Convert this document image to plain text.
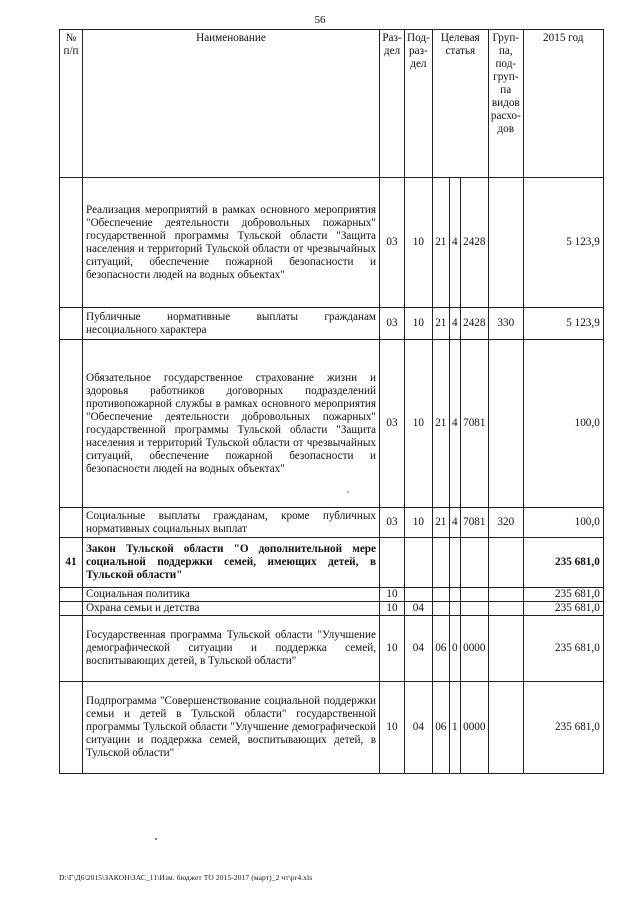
56
№ п/п	Наименование	Раз-дел	Под-раз-дел	Целевая статья			Груп-па, под-груп-па видов расхо-дов	2015 год
	Реализация мероприятий в рамках основного мероприятия "Обеспечение деятельности добровольных пожарных" государственной программы Тульской области "Защита населения и территорий Тульской области от чрезвычайных ситуаций, обеспечение пожарной безопасности и безопасности людей на водных объектах"	03	10	21	4	2428		5 123,9
	Публичные нормативные выплаты гражданам несоциального характера	03	10	21	4	2428	330	5 123,9
	Обязательное государственное страхование жизни и здоровья работников договорных подразделений противопожарной службы в рамках основного мероприятия "Обеспечение деятельности добровольных пожарных" государственной программы Тульской области "Защита населения и территорий Тульской области от чрезвычайных ситуаций, обеспечение пожарной безопасности и безопасности людей на водных объектах"	03	10	21	4	7081		100,0
	Социальные выплаты гражданам, кроме публичных нормативных социальных выплат	03	10	21	4	7081	320	100,0
41	Закон Тульской области "О дополнительной мере социальной поддержки семей, имеющих детей, в Тульской области"							235 681,0
	Социальная политика	10						235 681,0
	Охрана семьи и детства	10	04					235 681,0
	Государственная программа Тульской области "Улучшение демографической ситуации и поддержка семей, воспитывающих детей, в Тульской области"	10	04	06	0	0000		235 681,0
	Подпрограмма "Совершенствование социальной поддержки семьи и детей в Тульской области" государственной программы Тульской области "Улучшение демографической ситуации и поддержка семей, воспитывающих детей, в Тульской области"	10	04	06	1	0000		235 681,0
D:\Г\Д6\2015\ЗАКОН\ЗАС_11\Изм. бюджет ТО 2015-2017 (март)_2 чт\pr4.xls
